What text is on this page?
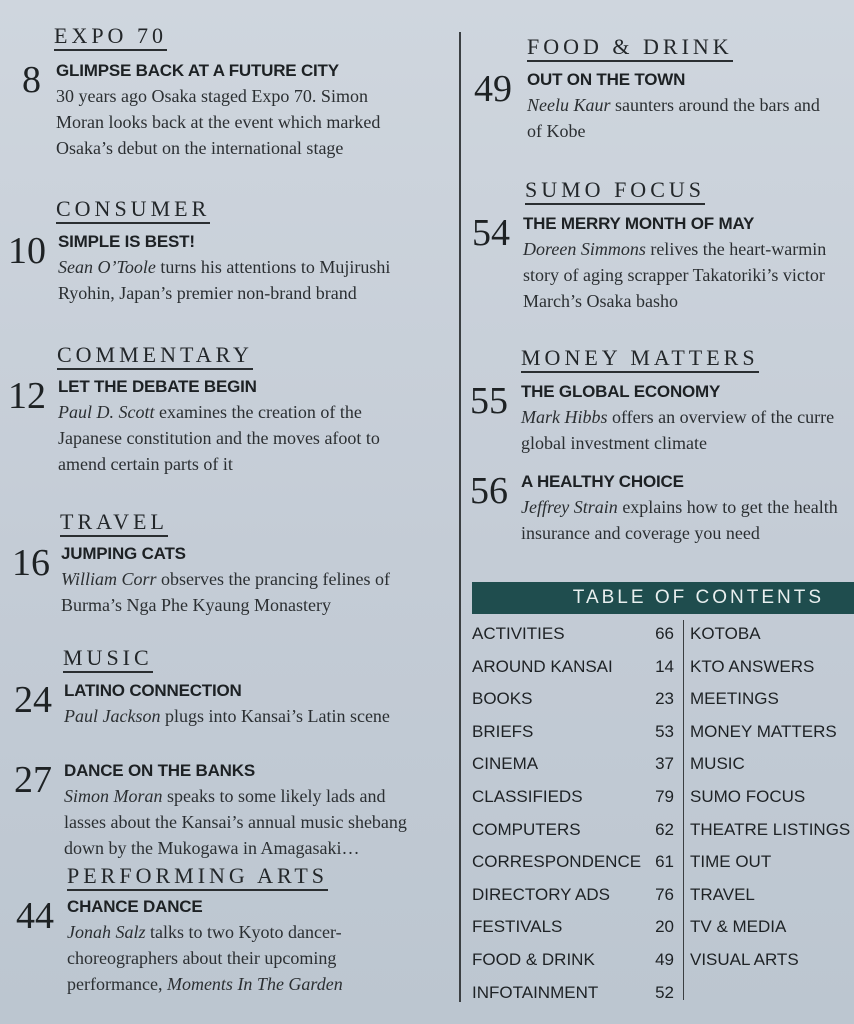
TABLE OF CONTENTS
ACTIVITIES	66
AROUND KANSAI 14
BOOKS	23
BRIEFS	53
CINEMA	37
CLASSIFIEDS	79
COMPUTERS	62
CORRESPONDENCE 61
DIRECTORY ADS	76
FESTIVALS	20
FOOD & DRINK	49
INFOTAINMENT	52
KOTOBA
KTO ANSWERS
MEETINGS
MONEY MATTERS
MUSIC
SUMO FOCUS
THEATRE LISTINGS
TIME OUT
TRAVEL
TV & MEDIA
VISUAL ARTS
EXPO 70
8 GLIMPSE BACK AT A FUTURE CITY
30 years ago Osaka staged Expo 70. Simon
Moran looks back at the event which marked
Osaka’s debut on the international stage
CONSUMER
10 SIMPLE IS BEST!
Sean O’Toole turns his attentions to Mujirushi
Ryohin, Japan’s premier non-brand brand
COMMENTARY
12 LET THE DEBATE BEGIN
Paul D. Scott examines the creation of the
Japanese constitution and the moves afoot to
amend certain parts of it
TRAVEL
16 JUMPING CATS
William Corr observes the prancing felines of
Burma’s Nga Phe Kyaung Monastery
MUSIC
24 LATINO CONNECTION
Paul Jackson plugs into Kansai’s Latin scene
27 DANCE ON THE BANKS
Simon Moran speaks to some likely lads and
lasses about the Kansai’s annual music shebang
down by the Mukogawa in Amagasaki…
PERFORMING ARTS
44 CHANCE DANCE
Jonah Salz talks to two Kyoto dancer-
choreographers about their upcoming
performance, Moments In The Garden
FOOD & DRINK
49 OUT ON THE TOWN
Neelu Kaur saunters around the bars and
of Kobe
SUMO FOCUS
54 THE MERRY MONTH OF MAY
Doreen Simmons relives the heart-warmin
story of aging scrapper Takatoriki’s victor
March’s Osaka basho
MONEY MATTERS
55 THE GLOBAL ECONOMY
Mark Hibbs offers an overview of the curre
global investment climate
56 A HEALTHY CHOICE
Jeffrey Strain explains how to get the health
insurance and coverage you need
